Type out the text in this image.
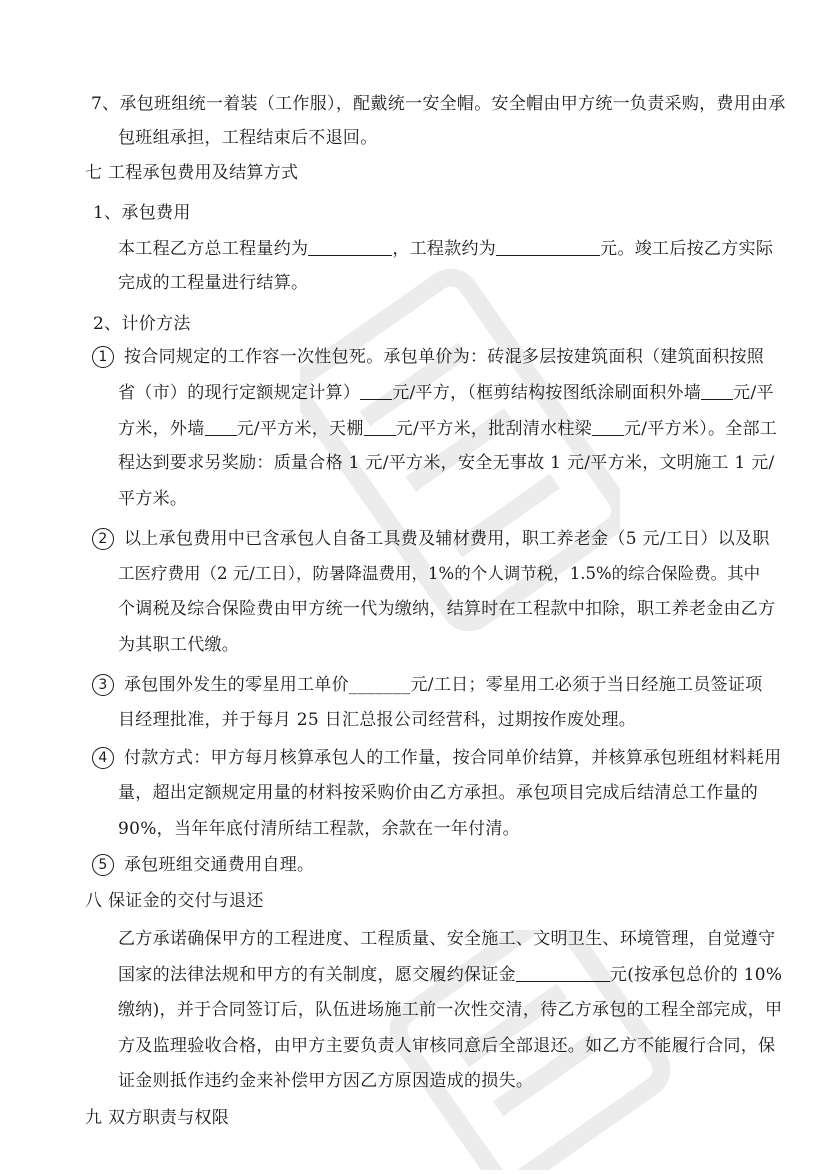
7、承包班组统一着装（工作服），配戴统一安全帽。安全帽由甲方统一负责采购，费用由承
包班组承担，工程结束后不退回。
七 工程承包费用及结算方式
1、承包费用
本工程乙方总工程量约为	，工程款约为	元。竣工后按乙方实际
完成的工程量进行结算。
2、计价方法
1 按合同规定的工作容一次性包死。承包单价为：砖混多层按建筑面积（建筑面积按照
省（市）的现行定额规定计算） 元/平方，（框剪结构按图纸涂刷面积外墙 元/平
方米，外墙 元/平方米，天棚 元/平方米，批刮清水柱梁 元/平方米）。全部工
程达到要求另奖励：质量合格 1 元/平方米，安全无事故 1 元/平方米，文明施工 1 元/
平方米。
2 以上承包费用中已含承包人自备工具费及辅材费用，职工养老金（5 元/工日）以及职
工医疗费用（2 元/工日），防暑降温费用，1%的个人调节税，1.5%的综合保险费。其中
个调税及综合保险费由甲方统一代为缴纳，结算时在工程款中扣除，职工养老金由乙方
为其职工代缴。
3 承包围外发生的零星用工单价_______元/工日；零星用工必须于当日经施工员签证项
目经理批准，并于每月 25 日汇总报公司经营科，过期按作废处理。
4 付款方式：甲方每月核算承包人的工作量，按合同单价结算，并核算承包班组材料耗用
量，超出定额规定用量的材料按采购价由乙方承担。承包项目完成后结清总工作量的
90%，当年年底付清所结工程款，余款在一年付清。
5 承包班组交通费用自理。
八 保证金的交付与退还
乙方承诺确保甲方的工程进度、工程质量、安全施工、文明卫生、环境管理，自觉遵守
国家的法律法规和甲方的有关制度，愿交履约保证金	元(按承包总价的 10%
缴纳)，并于合同签订后，队伍进场施工前一次性交清，待乙方承包的工程全部完成，甲
方及监理验收合格，由甲方主要负责人审核同意后全部退还。如乙方不能履行合同，保
证金则抵作违约金来补偿甲方因乙方原因造成的损失。
九 双方职责与权限
